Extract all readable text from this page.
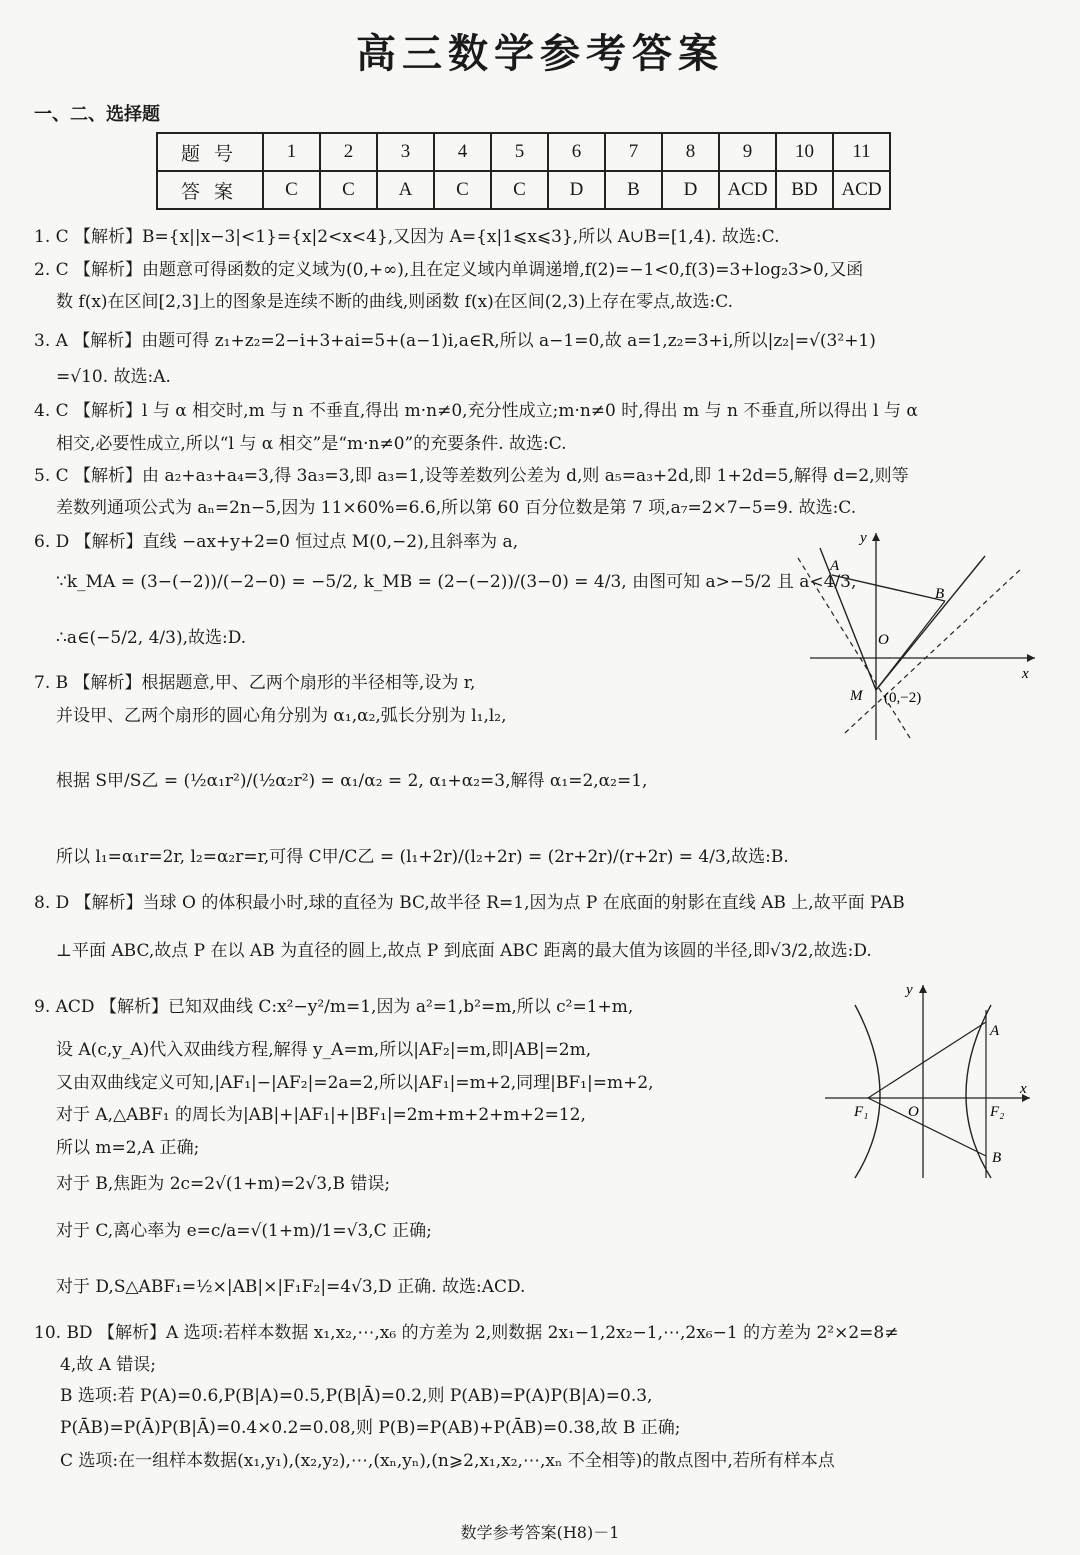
高三数学参考答案
一、二、选择题
题号	1	2	3	4	5	6	7	8	9	10	11
答案	C	C	A	C	C	D	B	D	ACD	BD	ACD
1. C 【解析】B={x||x−3|<1}={x|2<x<4},又因为 A={x|1⩽x⩽3},所以 A∪B=[1,4). 故选:C.
2. C 【解析】由题意可得函数的定义域为(0,+∞),且在定义域内单调递增,f(2)=−1<0,f(3)=3+log₂3>0,又函
数 f(x)在区间[2,3]上的图象是连续不断的曲线,则函数 f(x)在区间(2,3)上存在零点,故选:C.
3. A 【解析】由题可得 z₁+z₂=2−i+3+ai=5+(a−1)i,a∈R,所以 a−1=0,故 a=1,z₂=3+i,所以|z₂|=√(3²+1)
=√10. 故选:A.
4. C 【解析】l 与 α 相交时,m 与 n 不垂直,得出 m·n≠0,充分性成立;m·n≠0 时,得出 m 与 n 不垂直,所以得出 l 与 α
相交,必要性成立,所以“l 与 α 相交”是“m·n≠0”的充要条件. 故选:C.
5. C 【解析】由 a₂+a₃+a₄=3,得 3a₃=3,即 a₃=1,设等差数列公差为 d,则 a₅=a₃+2d,即 1+2d=5,解得 d=2,则等
差数列通项公式为 aₙ=2n−5,因为 11×60%=6.6,所以第 60 百分位数是第 7 项,a₇=2×7−5=9. 故选:C.
6. D 【解析】直线 −ax+y+2=0 恒过点 M(0,−2),且斜率为 a,
∵k_MA = (3−(−2))/(−2−0) = −5/2, k_MB = (2−(−2))/(3−0) = 4/3, 由图可知 a>−5/2 且 a<4/3,
∴a∈(−5/2, 4/3),故选:D.
7. B 【解析】根据题意,甲、乙两个扇形的半径相等,设为 r,
并设甲、乙两个扇形的圆心角分别为 α₁,α₂,弧长分别为 l₁,l₂,
根据 S甲/S乙 = (½α₁r²)/(½α₂r²) = α₁/α₂ = 2, α₁+α₂=3,解得 α₁=2,α₂=1,
所以 l₁=α₁r=2r, l₂=α₂r=r,可得 C甲/C乙 = (l₁+2r)/(l₂+2r) = (2r+2r)/(r+2r) = 4/3,故选:B.
8. D 【解析】当球 O 的体积最小时,球的直径为 BC,故半径 R=1,因为点 P 在底面的射影在直线 AB 上,故平面 PAB
⊥平面 ABC,故点 P 在以 AB 为直径的圆上,故点 P 到底面 ABC 距离的最大值为该圆的半径,即√3/2,故选:D.
9. ACD 【解析】已知双曲线 C:x²−y²/m=1,因为 a²=1,b²=m,所以 c²=1+m,
设 A(c,y_A)代入双曲线方程,解得 y_A=m,所以|AF₂|=m,即|AB|=2m,
又由双曲线定义可知,|AF₁|−|AF₂|=2a=2,所以|AF₁|=m+2,同理|BF₁|=m+2,
对于 A,△ABF₁ 的周长为|AB|+|AF₁|+|BF₁|=2m+m+2+m+2=12,
所以 m=2,A 正确;
对于 B,焦距为 2c=2√(1+m)=2√3,B 错误;
对于 C,离心率为 e=c/a=√(1+m)/1=√3,C 正确;
对于 D,S△ABF₁=½×|AB|×|F₁F₂|=4√3,D 正确. 故选:ACD.
10. BD 【解析】A 选项:若样本数据 x₁,x₂,⋯,x₆ 的方差为 2,则数据 2x₁−1,2x₂−1,⋯,2x₆−1 的方差为 2²×2=8≠
4,故 A 错误;
B 选项:若 P(A)=0.6,P(B|A)=0.5,P(B|Ā)=0.2,则 P(AB)=P(A)P(B|A)=0.3,
P(ĀB)=P(Ā)P(B|Ā)=0.4×0.2=0.08,则 P(B)=P(AB)+P(ĀB)=0.38,故 B 正确;
C 选项:在一组样本数据(x₁,y₁),(x₂,y₂),⋯,(xₙ,yₙ),(n⩾2,x₁,x₂,⋯,xₙ 不全相等)的散点图中,若所有样本点
y
A
B
O
x
M (0,−2)
y
A
F₁	O	F₂
x
B
数学参考答案(H8)－1
